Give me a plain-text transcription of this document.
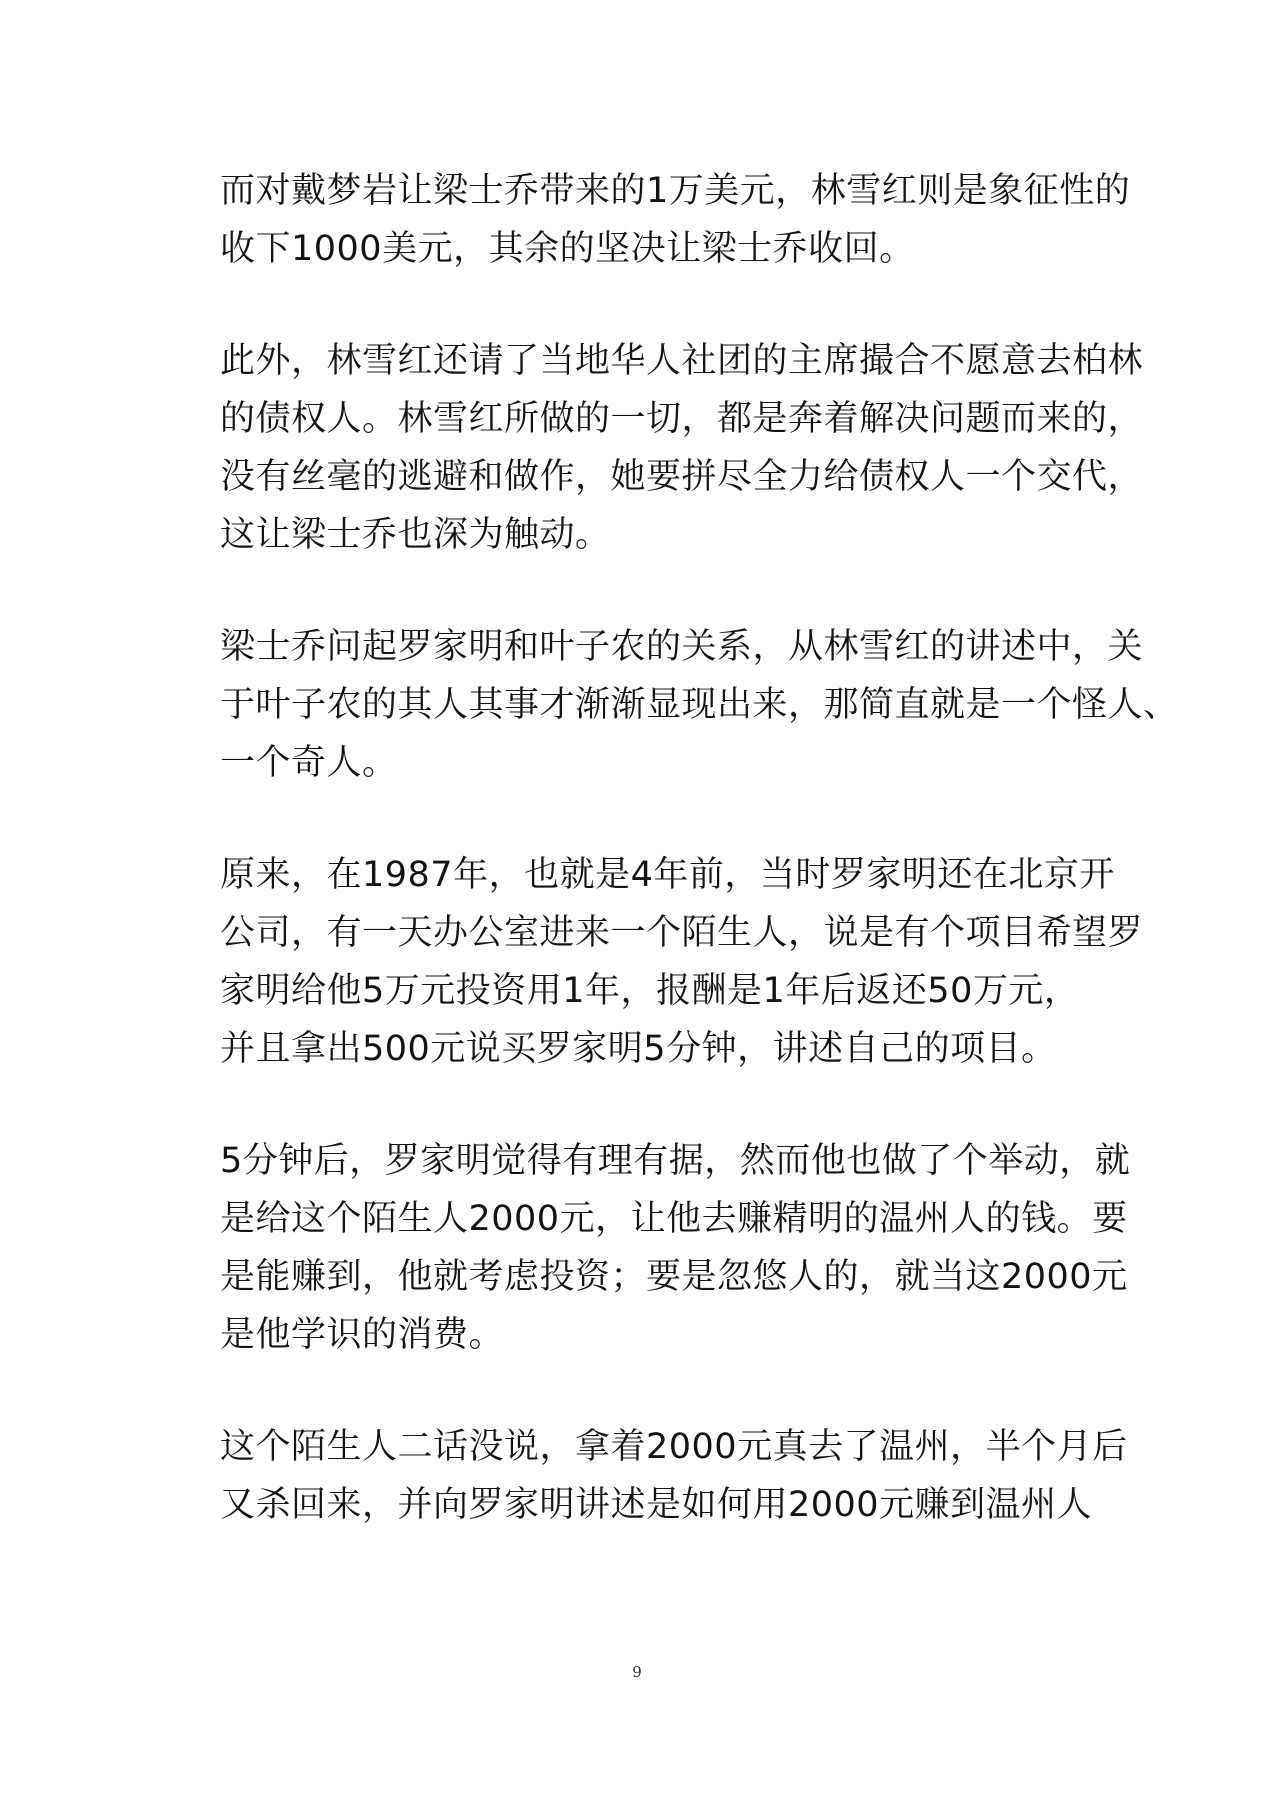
而对戴梦岩让梁士乔带来的1万美元，林雪红则是象征性的
收下1000美元，其余的坚决让梁士乔收回。

此外，林雪红还请了当地华人社团的主席撮合不愿意去柏林
的债权人。林雪红所做的一切，都是奔着解决问题而来的，
没有丝毫的逃避和做作，她要拼尽全力给债权人一个交代，
这让梁士乔也深为触动。

梁士乔问起罗家明和叶子农的关系，从林雪红的讲述中，关
于叶子农的其人其事才渐渐显现出来，那简直就是一个怪人、
一个奇人。

原来，在1987年，也就是4年前，当时罗家明还在北京开
公司，有一天办公室进来一个陌生人，说是有个项目希望罗
家明给他5万元投资用1年，报酬是1年后返还50万元，
并且拿出500元说买罗家明5分钟，讲述自己的项目。

5分钟后，罗家明觉得有理有据，然而他也做了个举动，就
是给这个陌生人2000元，让他去赚精明的温州人的钱。要
是能赚到，他就考虑投资；要是忽悠人的，就当这2000元
是他学识的消费。

这个陌生人二话没说，拿着2000元真去了温州，半个月后
又杀回来，并向罗家明讲述是如何用2000元赚到温州人

9
